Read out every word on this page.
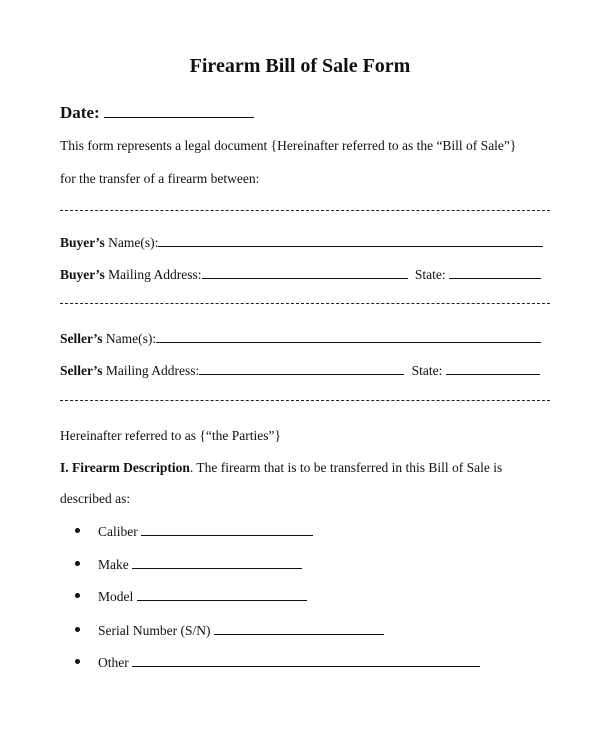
Firearm Bill of Sale Form
Date:
This form represents a legal document {Hereinafter referred to as the “Bill of Sale”}
for the transfer of a firearm between:
Buyer’s Name(s):
Buyer’s Mailing Address:	State:
Seller’s Name(s):
Seller’s Mailing Address:	State:
Hereinafter referred to as {“the Parties”}
I. Firearm Description. The firearm that is to be transferred in this Bill of Sale is
described as:
Caliber
Make
Model
Serial Number (S/N)
Other
